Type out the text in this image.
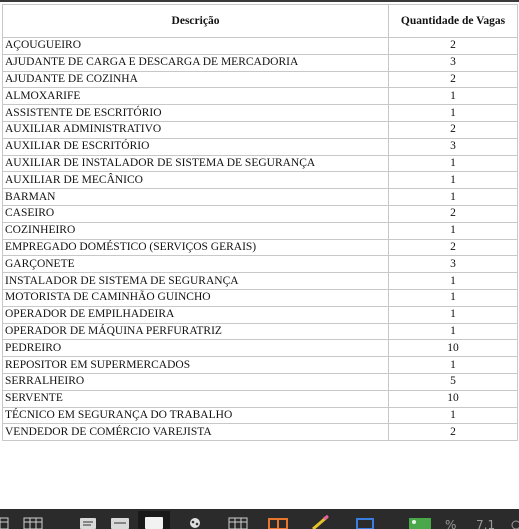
Descrição	Quantidade de Vagas
AÇOUGUEIRO	2
AJUDANTE DE CARGA E DESCARGA DE MERCADORIA	3
AJUDANTE DE COZINHA	2
ALMOXARIFE	1
ASSISTENTE DE ESCRITÓRIO	1
AUXILIAR ADMINISTRATIVO	2
AUXILIAR DE ESCRITÓRIO	3
AUXILIAR DE INSTALADOR DE SISTEMA DE SEGURANÇA	1
AUXILIAR DE MECÂNICO	1
BARMAN	1
CASEIRO	2
COZINHEIRO	1
EMPREGADO DOMÉSTICO (SERVIÇOS GERAIS)	2
GARÇONETE	3
INSTALADOR DE SISTEMA DE SEGURANÇA	1
MOTORISTA DE CAMINHÃO GUINCHO	1
OPERADOR DE EMPILHADEIRA	1
OPERADOR DE MÁQUINA PERFURATRIZ	1
PEDREIRO	10
REPOSITOR EM SUPERMERCADOS	1
SERRALHEIRO	5
SERVENTE	10
TÉCNICO EM SEGURANÇA DO TRABALHO	1
VENDEDOR DE COMÉRCIO VAREJISTA	2
% 7.1
